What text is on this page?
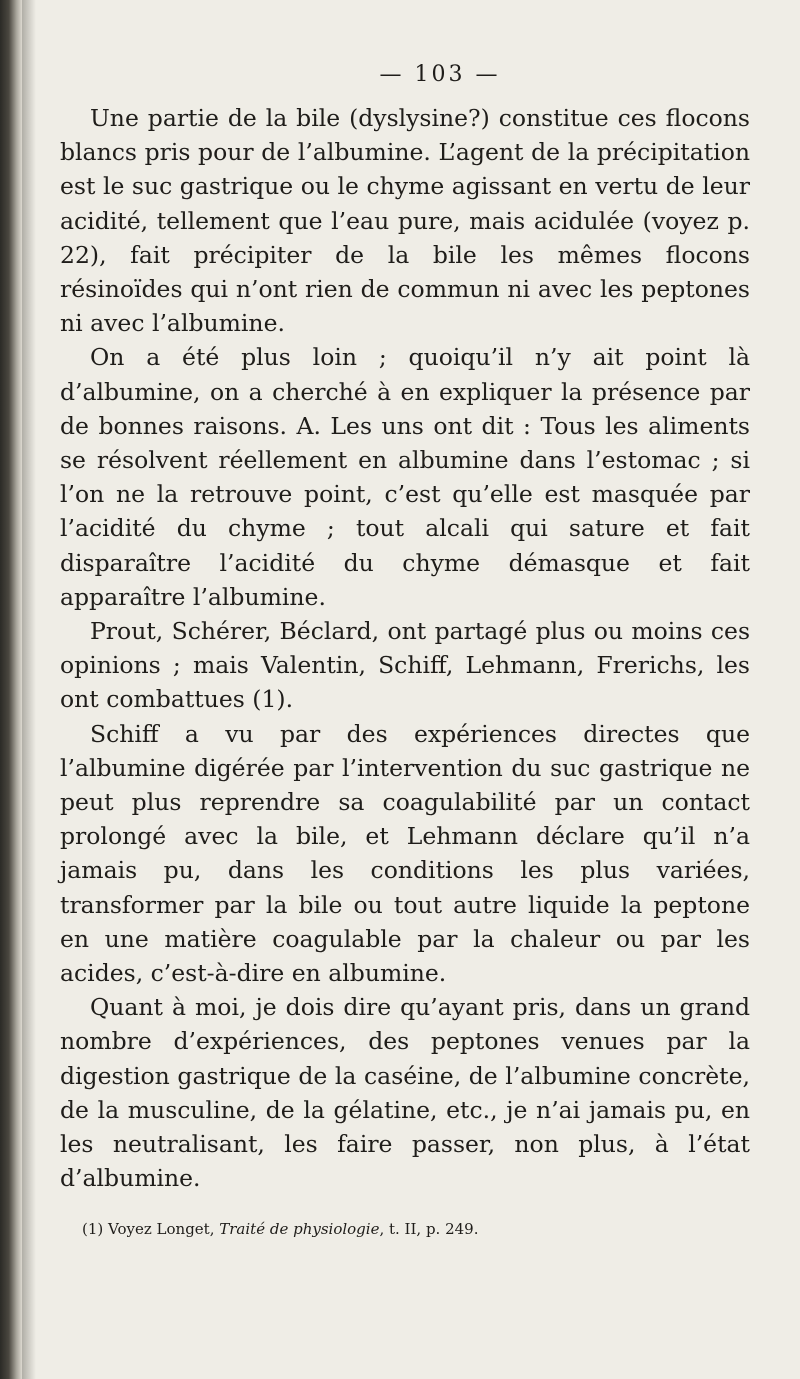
— 103 —

Une partie de la bile (dyslysine?) constitue ces flocons blancs pris pour de l’albumine. L’agent de la précipitation est le suc gastrique ou le chyme agissant en vertu de leur acidité, tellement que l’eau pure, mais acidulée (voyez p. 22), fait précipiter de la bile les mêmes flocons résinoïdes qui n’ont rien de commun ni avec les peptones ni avec l’albumine.

On a été plus loin ; quoiqu’il n’y ait point là d’albumine, on a cherché à en expliquer la présence par de bonnes raisons. A. Les uns ont dit : Tous les aliments se résolvent réellement en albumine dans l’estomac ; si l’on ne la retrouve point, c’est qu’elle est masquée par l’acidité du chyme ; tout alcali qui sature et fait disparaître l’acidité du chyme démasque et fait apparaître l’albumine.

Prout, Schérer, Béclard, ont partagé plus ou moins ces opinions ; mais Valentin, Schiff, Lehmann, Frerichs, les ont combattues (1).

Schiff a vu par des expériences directes que l’albumine digérée par l’intervention du suc gastrique ne peut plus reprendre sa coagulabilité par un contact prolongé avec la bile, et Lehmann déclare qu’il n’a jamais pu, dans les conditions les plus variées, transformer par la bile ou tout autre liquide la peptone en une matière coagulable par la chaleur ou par les acides, c’est-à-dire en albumine.

Quant à moi, je dois dire qu’ayant pris, dans un grand nombre d’expériences, des peptones venues par la digestion gastrique de la caséine, de l’albumine concrète, de la musculine, de la gélatine, etc., je n’ai jamais pu, en les neutralisant, les faire passer, non plus, à l’état d’albumine.

(1) Voyez Longet, Traité de physiologie, t. II, p. 249.
